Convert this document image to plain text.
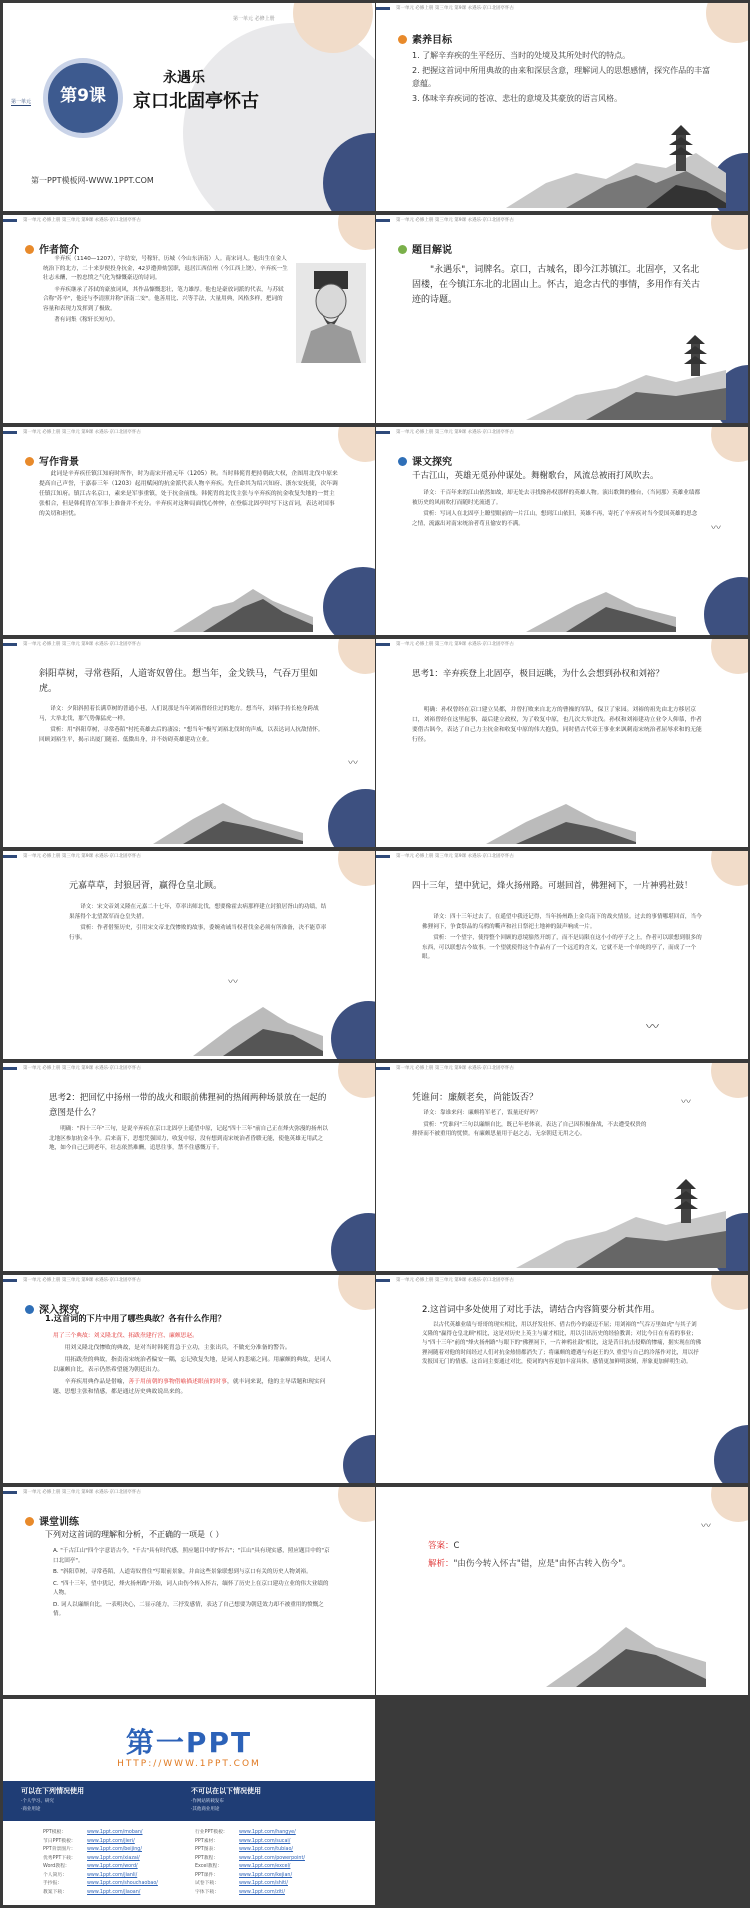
第一单元 必修上册
第一单元	第9课
永遇乐
京口北固亭怀古
第一PPT模板网-WWW.1PPT.COM
第一单元 必修上册 第三单元 第9课 永遇乐·京口北固亭怀古
素养目标

1. 了解辛弃疾的生平经历、当时的处境及其所处时代的特点。

2. 把握这首词中所用典故的由来和深层含意，理解词人的思想感情，探究作品的丰富意蕴。

3. 体味辛弃疾词的苍凉、悲壮的意境及其豪放的语言风格。

第一单元 必修上册 第三单元 第9课 永遇乐·京口北固亭怀古
作者简介

辛弃疾（1140—1207），字幼安，号稼轩，历城（今山东济南）人。南宋词人。他出生在金人统治下的北方，二十来岁便投身抗金，42岁遭弹劾罢职，退居江西信州（今江西上饶），辛弃疾一生壮志未酬，一腔忠愤之气化为慷慨豪迈的诗词。

辛弃疾继承了苏轼的豪放词风，其作品慷慨悲壮，笔力雄厚。他也是豪放词派的代表，与苏轼合称"苏辛"，他还与李清照并称"济南二安"。他善用比、兴等手法，大量用典，风格多样，把词的容量和表现力发挥到了极致。

著有词集《稼轩长短句》。

第一单元 必修上册 第三单元 第9课 永遇乐·京口北固亭怀古
题目解说
"永遇乐"，词牌名。京口，古城名，即今江苏镇江。北固亭，又名北固楼，在今镇江东北的北固山上。怀古，追念古代的事情，多用作有关古迹的诗题。
第一单元 必修上册 第三单元 第9课 永遇乐·京口北固亭怀古
写作背景
此词是辛弃疾任镇江知府时所作，时为南宋开禧元年（1205）秋。当时韩侂胄把持朝政大权，企图用北伐中原来提高自己声誉，于嘉泰三年（1203）起用赋闲的抗金派代表人物辛弃疾。先任命其为绍兴知府、浙东安抚使，次年调任镇江知府。镇江古名京口，素来是军事重镇，处于抗金前线。韩侂胄的北伐主张与辛弃疾的抗金收复失地的一贯主张相合，但是韩侂胄在军事上准备并不充分。辛弃疾对这种局面忧心忡忡，在登临北固亭时写下这首词，表达对国事的关切和担忧。
第一单元 必修上册 第三单元 第9课 永遇乐·京口北固亭怀古
课文探究
千古江山，英雄无觅孙仲谋处。舞榭歌台，风流总被雨打风吹去。

译文：千百年来的江山依然如故，却无处去寻找像孙权那样的英雄人物。演出歌舞的楼台，（当同那）英雄业绩都被历史的风雨吹打而随时光流逝了。

赏析：写词人在北固亭上瞭望眼前的一片江山，想到江山依旧，英雄不再，寄托了辛弃疾对当今爱国英雄的思念之情，流露出对南宋统治者苟且偷安的不满。	〰
第一单元 必修上册 第三单元 第9课 永遇乐·京口北固亭怀古
斜阳草树，寻常巷陌，人道寄奴曾住。想当年，金戈铁马，气吞万里如虎。

译文：夕阳斜照着长满草树的普通小巷，人们说那是当年刘裕曾经住过的地方。想当年，刘裕手持长枪身跨战马，大举北伐，那气势像猛虎一样。

赏析：用"斜阳草树，寻常巷陌"衬托英雄去后的凄凉；"想当年"极写刘裕北伐时的声威，以表达词人抗敌情怀。回顾刘裕生平，揭示出厦门随着、低微出身，并不妨碍英雄建功立业。

〰
第一单元 必修上册 第三单元 第9课 永遇乐·京口北固亭怀古
思考1：辛弃疾登上北固亭，极目远眺，为什么会想到孙权和刘裕？
明确：孙权曾经在京口建立吴都，并曾打败来自北方的曹操的军队，保卫了家园。刘裕的祖先由北方移居京口，刘裕曾经在这里起事，最后建立政权，为了收复中原，也几次大举北伐。孙权和刘裕建功立业令人仰慕，作者要借古讽今，表达了自己力主抗金和收复中原的伟大抱负，同时借古代帝王事业来讽刺南宋统治者屈辱求和的无能行径。
第一单元 必修上册 第三单元 第9课 永遇乐·京口北固亭怀古
元嘉草草，封狼居胥，赢得仓皇北顾。

译文：宋文帝刘义隆在元嘉二十七年，草率出师北伐，想要像霍去病那样建立封狼居胥山的功绩，结果落得个北望敌军而仓皇失措。

赏析：作者借鉴历史，引用宋文帝北伐惨败的故事，委婉劝诫当权者伐金必须有所准备，决不能草率行事。

〰
第一单元 必修上册 第三单元 第9课 永遇乐·京口北固亭怀古
四十三年，望中犹记，烽火扬州路。可堪回首，佛狸祠下，一片神鸦社鼓！

译文：四十三年过去了，在遥望中我还记得，当年扬州路上金兵南下的战火情景。过去的事情哪堪回首，当今佛狸祠下，争食祭品的乌鸦的嘶声和社日祭祀土地神的鼓声响成一片。

赏析：一个望字，使得整个回顾的意境豁然开朗了，而不是局限在这小小的亭子之上，作者可以联想到很多的东西，可以联想古今故事。一个望就使得这个作品有了一个远近的含义，它就不是一个单纯的亭了，而成了一个眼。

〰
第一单元 必修上册 第三单元 第9课 永遇乐·京口北固亭怀古
思考2：把回忆中扬州一带的战火和眼前佛狸祠的热闹两种场景放在一起的意图是什么？
明确："四十三年"三句，是说辛弃疾在京口北固亭上遥望中原，记起"四十三年"前自己正在烽火弥漫的扬州以北地区参加抗金斗争。后来南下，思想凭强国力，收复中原，没有想到南宋统治者昏聩无能，使他英雄无用武之地，如今自己已到老年，壮志依然难酬，追思往事，禁不住感慨万千。
第一单元 必修上册 第三单元 第9课 永遇乐·京口北固亭怀古
凭谁问：廉颇老矣，尚能饭否？

译文：靠谁来问：廉颇将军老了，饭量还好吗？

赏析："凭谁问"三句以廉颇自比，既已年老体衰，表达了自己因积极备战，不去遭受权贵的排挤而不被重用的忧愤。有廉颇思量用于赵之志，无奈朝廷无用之心。

〰
第一单元 必修上册 第三单元 第9课 永遇乐·京口北固亭怀古
深入探究
1.这首词的下片中用了哪些典故？各有什么作用？

用了三个典故：刘义隆北伐、拓跋焘建行宫、廉颇思赵。

用刘义隆北伐惨败的典故，是对当时韩侂胄急于立功，主张出兵，不做充分准备的警告。

用拓跋焘的典故，指责南宋统治者偏安一隅，忘记收复失地，是词人的悲痛之同。用廉颇的典故，是词人以廉颇自比，表示仍然希望能为朝廷出力。

辛弃疾用典作品是借喻，善于用前朝的事物借喻描述眼前的时事，就丰词来说，他的主导话题和现实问题、思想主张和情感，都是通过历史典故说出来的。

第一单元 必修上册 第三单元 第9课 永遇乐·京口北固亭怀古
2.这首词中多处使用了对比手法，请结合内容简要分析其作用。
以古代英雄业绩与哥哥的现实相比，用以抒发壮怀、借古伤今的豪迈不屈；用刘裕的"气吞万里如虎"与其子刘义隆的"赢得仓皇北顾"相比，这是对历史上英主与庸才相比，用以引出历史的经验教训；对比今日在有着的事业；与"四十三年"前的"烽火扬州路"与眼下的"佛狸祠下，一片神鸦社鼓"相比，这是昔日抗击侵略的惨痛，据实现在的佛狸祠随着对他的时间经过人们对抗金热情都消失了；将廉颇的遭遇与有赵王的久 重望与自己的冷落作对比，用以抒发报国无门的情感。这首词主要通过对比，使词的内容更加丰富具体，感情更加鲜明深刻，形象更加鲜明生动。
第一单元 必修上册 第三单元 第9课 永遇乐·京口北固亭怀古
课堂训练
下列对这首词的理解和分析，不正确的一项是（ ）

A. "千古江山"四个字意语古今，"千古"具有时代感，照应题目中的"怀古"；"江山"具有现实感，照应题目中的"京口北固亭"。

B. "斜阳草树，寻常巷陌，人道寄奴曾住"写眼前景象，并由这些景象联想到与京口有关的历史人物刘裕。

C. "四十三年，望中犹记，烽火扬州路"开始，词人由伤今转入怀古，缅怀了历史上在京口建功立业的伟大业绩的人物。

D. 词人以廉颇自比，一表明决心，二显示能力，三抒发感情，表达了自己想要为朝廷效力却不被重用的愤慨之情。

答案：C
解析："由伤今转入怀古"错，应是"由怀古转入伤今"。
〰
第一PPT
HTTP://WWW.1PPT.COM
可以在下列情况使用
·个人学习、研究
·商业用途
不可以在以下情况使用
·作网站转载发布
·其他商业用途
PPT模板：	www.1ppt.com/moban/
节日PPT模板： www.1ppt.com/jieri/
PPT背景图片： www.1ppt.com/beijing/
优秀PPT下载： www.1ppt.com/xiazai/
Word教程：	www.1ppt.com/word/
个人简历：	www.1ppt.com/jianli/
手抄报：	www.1ppt.com/shouchaobao/
教案下载：	www.1ppt.com/jiaoan/
行业PPT模板： www.1ppt.com/hangye/
PPT素材：	www.1ppt.com/sucai/
PPT图表：	www.1ppt.com/tubiao/
PPT教程：	www.1ppt.com/powerpoint/
Excel教程：	www.1ppt.com/excel/
PPT课件：	www.1ppt.com/kejian/
试卷下载：	www.1ppt.com/shiti/
字体下载：	www.1ppt.com/ziti/
